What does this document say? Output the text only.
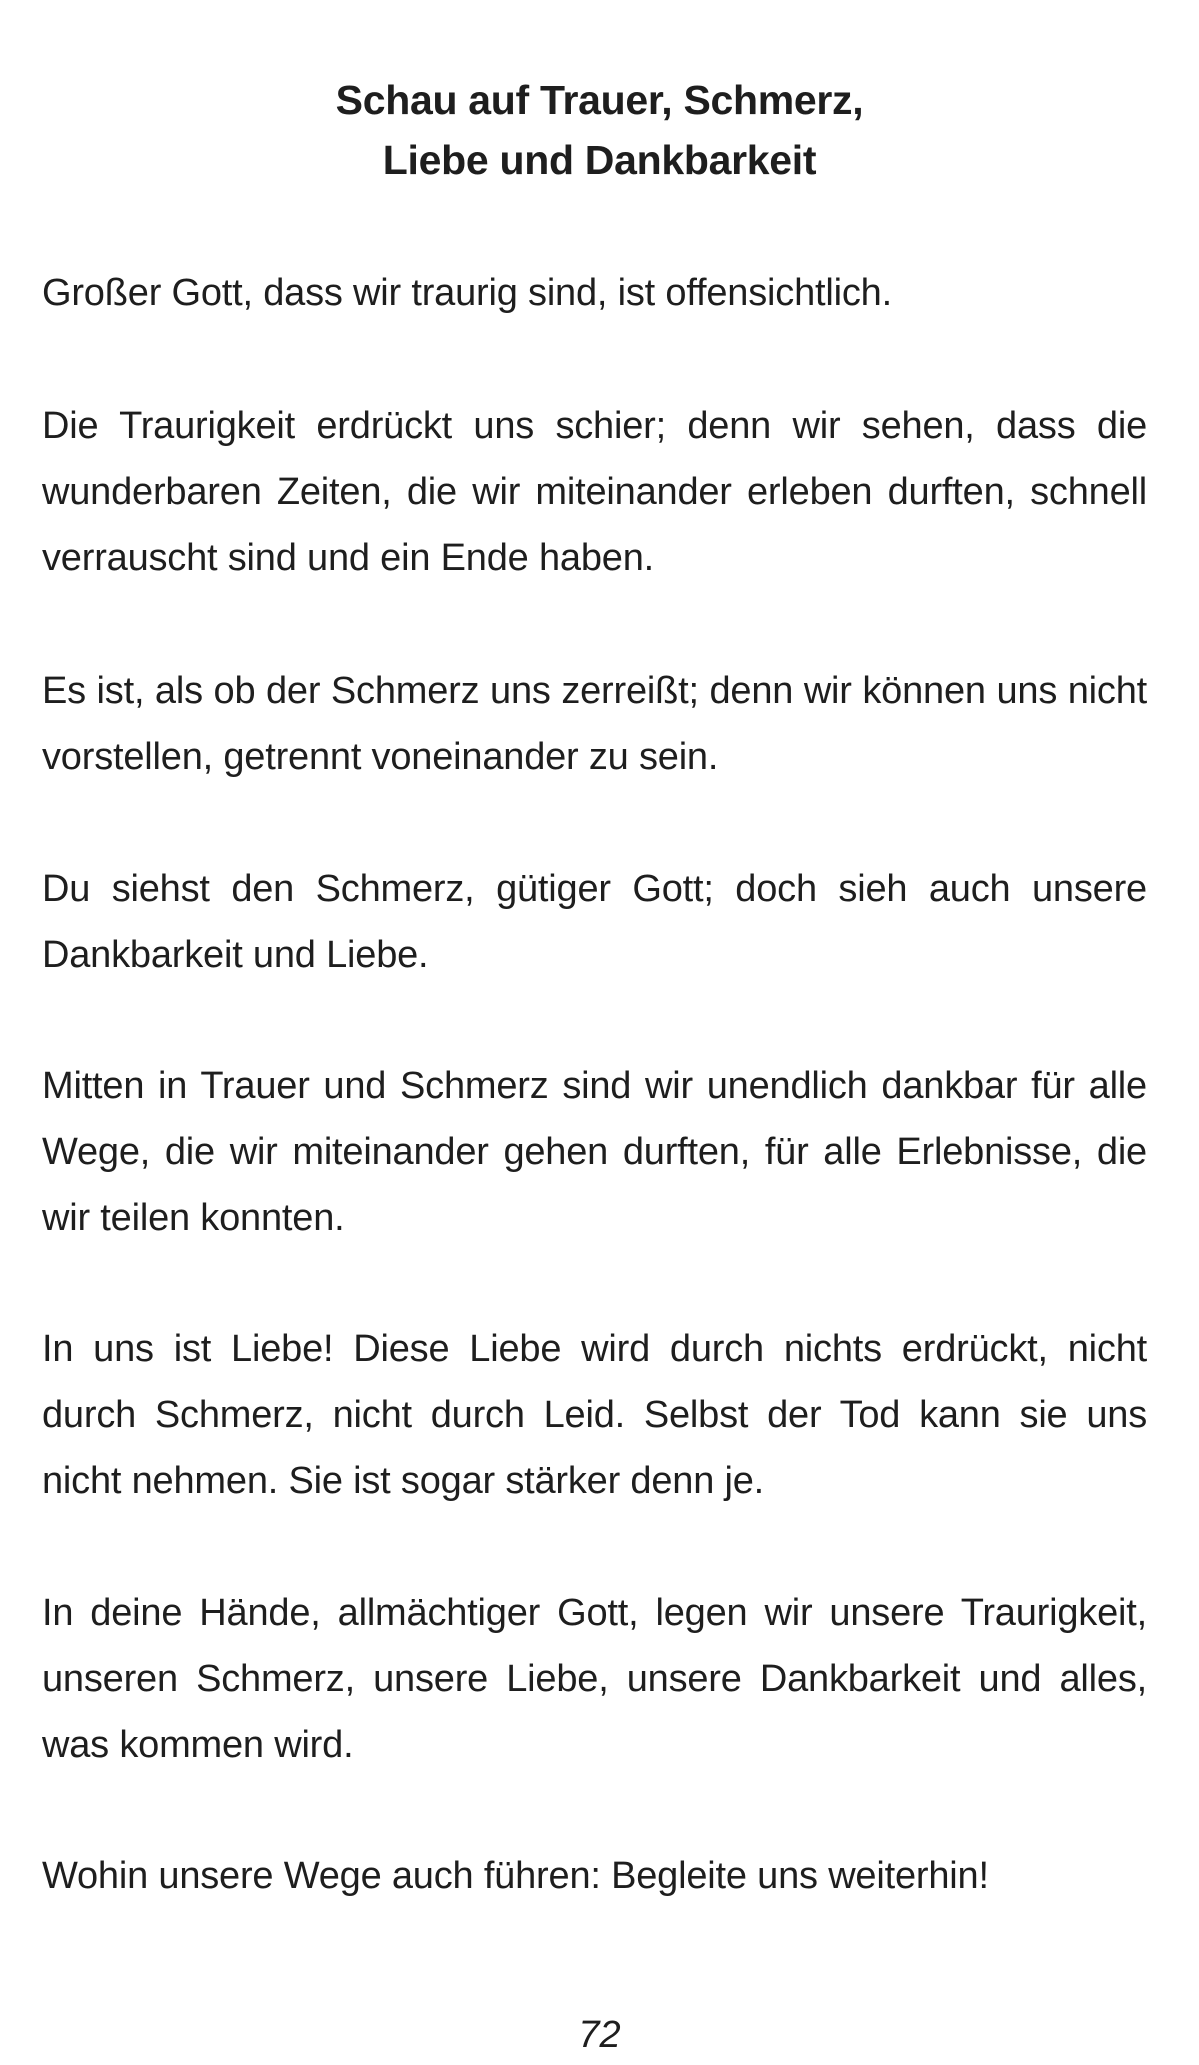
Schau auf Trauer, Schmerz,
Liebe und Dankbarkeit

Großer Gott, dass wir traurig sind, ist offensichtlich.

Die Traurigkeit erdrückt uns schier; denn wir sehen, dass die wunderbaren Zeiten, die wir miteinander erleben durften, schnell verrauscht sind und ein Ende haben.

Es ist, als ob der Schmerz uns zerreißt; denn wir können uns nicht vorstellen, getrennt voneinander zu sein.

Du siehst den Schmerz, gütiger Gott; doch sieh auch unsere Dankbarkeit und Liebe.

Mitten in Trauer und Schmerz sind wir unendlich dankbar für alle Wege, die wir miteinander gehen durften, für alle Erlebnisse, die wir teilen konnten.

In uns ist Liebe! Diese Liebe wird durch nichts erdrückt, nicht durch Schmerz, nicht durch Leid. Selbst der Tod kann sie uns nicht nehmen. Sie ist sogar stärker denn je.

In deine Hände, allmächtiger Gott, legen wir unsere Traurigkeit, unseren Schmerz, unsere Liebe, unsere Dankbarkeit und alles, was kommen wird.

Wohin unsere Wege auch führen: Begleite uns weiterhin!

72
